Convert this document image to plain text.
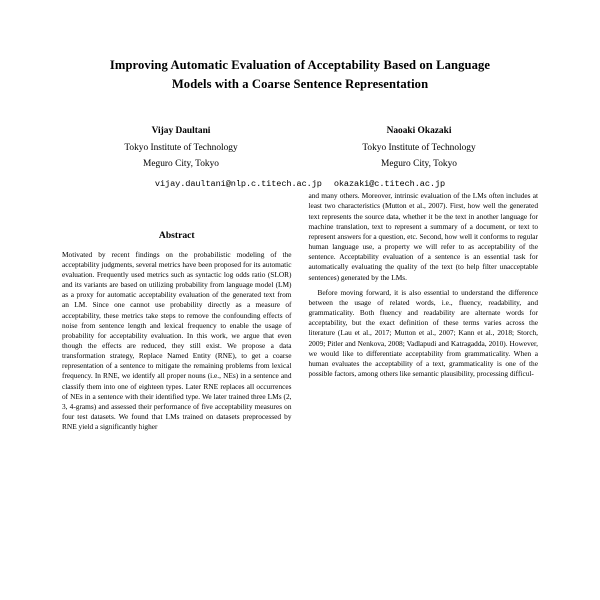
Improving Automatic Evaluation of Acceptability Based on Language
Models with a Coarse Sentence Representation
Vijay Daultani
Tokyo Institute of Technology
Meguro City, Tokyo
Naoaki Okazaki
Tokyo Institute of Technology
Meguro City, Tokyo
vijay.daultani@nlp.c.titech.ac.jp okazaki@c.titech.ac.jp
Abstract

Motivated by recent findings on the probabilistic modeling of the acceptability judgments, several metrics have been proposed for its automatic evaluation. Frequently used metrics such as syntactic log odds ratio (SLOR) and its variants are based on utilizing probability from language model (LM) as a proxy for automatic acceptability evaluation of the generated text from an LM. Since one cannot use probability directly as a measure of acceptability, these metrics take steps to remove the confounding effects of noise from sentence length and lexical frequency to enable the usage of probability for acceptability evaluation. In this work, we argue that even though the effects are reduced, they still exist. We propose a data transformation strategy, Replace Named Entity (RNE), to get a coarse representation of a sentence to mitigate the remaining problems from lexical frequency. In RNE, we identify all proper nouns (i.e., NEs) in a sentence and classify them into one of eighteen types. Later RNE replaces all occurrences of NEs in a sentence with their identified type. We later trained three LMs (2, 3, 4-grams) and assessed their performance of five acceptability measures on four test datasets. We found that LMs trained on datasets preprocessed by RNE yield a significantly higher

and many others. Moreover, intrinsic evaluation of the LMs often includes at least two characteristics (Mutton et al., 2007). First, how well the generated text represents the source data, whether it be the text in another language for machine translation, text to represent a summary of a document, or text to represent answers for a question, etc. Second, how well it conforms to regular human language use, a property we will refer to as acceptability of the sentence. Acceptability evaluation of a sentence is an essential task for automatically evaluating the quality of the text (to help filter unacceptable sentences) generated by the LMs.

Before moving forward, it is also essential to understand the difference between the usage of related words, i.e., fluency, readability, and grammaticality. Both fluency and readability are alternate words for acceptability, but the exact definition of these terms varies across the literature (Lau et al., 2017; Mutton et al., 2007; Kann et al., 2018; Storch, 2009; Pitler and Nenkova, 2008; Vadlapudi and Katragadda, 2010). However, we would like to differentiate acceptability from grammaticality. When a human evaluates the acceptability of a text, grammaticality is one of the possible factors, among others like semantic plausibility, processing difficul-
